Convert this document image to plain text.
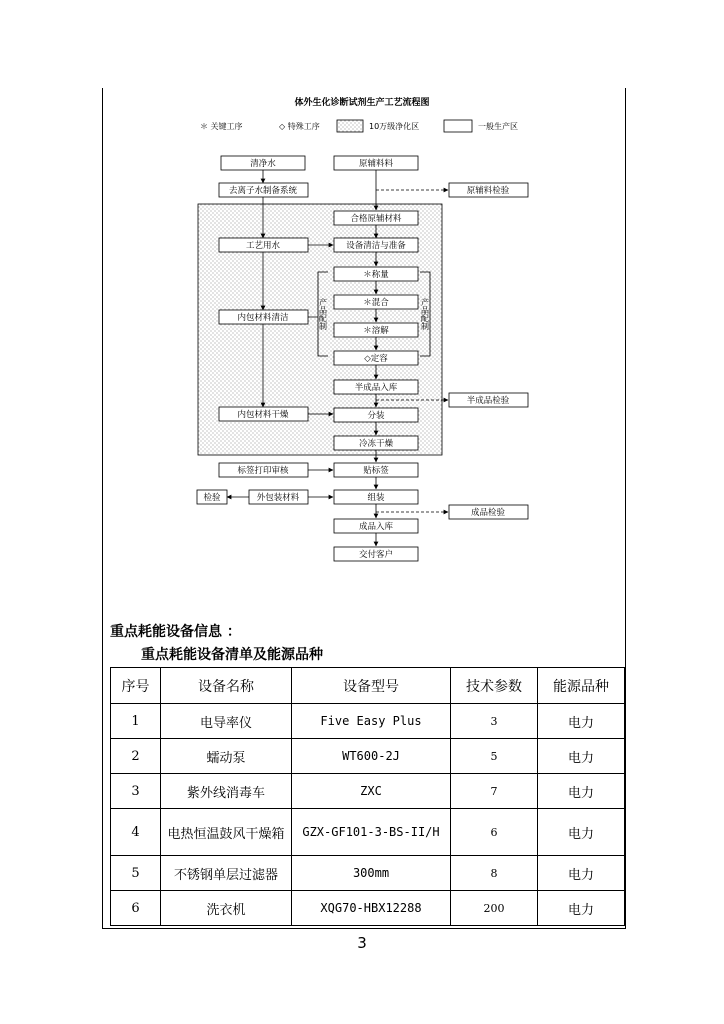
体外生化诊断试剂生产工艺流程图
＊ 关键工序	◇ 特殊工序	10万级净化区	一般生产区
产品配制	产品配制
清净水
去离子水制备系统
工艺用水
内包材料清洁
内包材料干燥
标签打印审核
外包装材料
检验
原辅料料
合格原辅材料
设备清洁与准备
＊称量
＊混合
＊溶解
◇定容
半成品入库
分装
冷冻干燥
贴标签
组装
成品入库
交付客户
原辅料检验
半成品检验
成品检验
重点耗能设备信息 ：
重点耗能设备清单及能源品种
序号	设备名称	设备型号	技术参数	能源品种
1	电导率仪	Five Easy Plus	3	电力
2	蠕动泵	WT600-2J	5	电力
3	紫外线消毒车	ZXC	7	电力
4	电热恒温鼓风干燥箱	GZX-GF101-3-BS-II/H	6	电力
5	不锈钢单层过滤器	300mm	8	电力
6	洗衣机	XQG70-HBX12288	200	电力
3
